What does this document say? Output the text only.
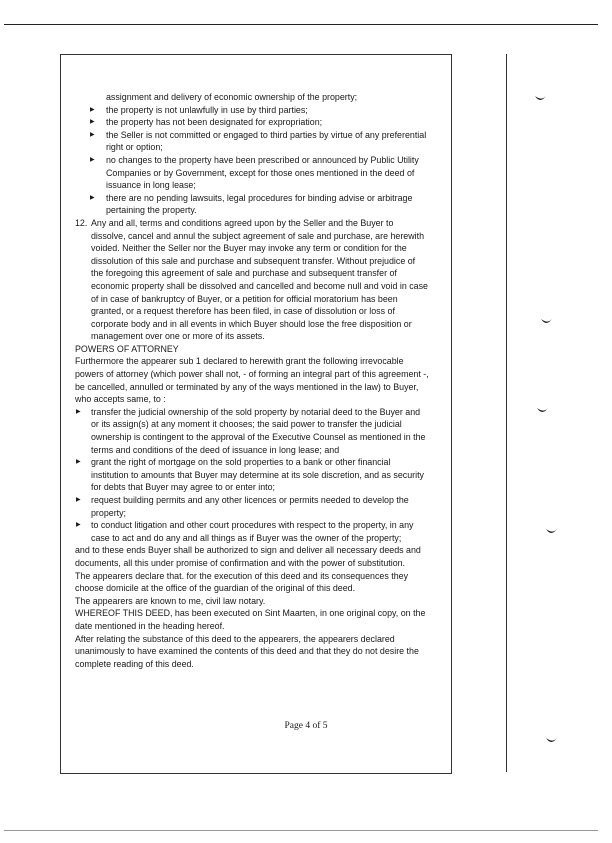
assignment and delivery of economic ownership of the property;
▶ the property is not unlawfully in use by third parties;
▶ the property has not been designated for expropriation;
▶ the Seller is not committed or engaged to third parties by virtue of any preferential
right or option;
▶ no changes to the property have been prescribed or announced by Public Utility
Companies or by Government, except for those ones mentioned in the deed of
issuance in long lease;
▶ there are no pending lawsuits, legal procedures for binding advise or arbitrage
pertaining the property.
12. Any and all, terms and conditions agreed upon by the Seller and the Buyer to
dissolve, cancel and annul the subject agreement of sale and purchase, are herewith
voided. Neither the Seller nor the Buyer may invoke any term or condition for the
dissolution of this sale and purchase and subsequent transfer. Without prejudice of
the foregoing this agreement of sale and purchase and subsequent transfer of
economic property shall be dissolved and cancelled and become null and void in case
of in case of bankruptcy of Buyer, or a petition for official moratorium has been
granted, or a request therefore has been filed, in case of dissolution or loss of
corporate body and in all events in which Buyer should lose the free disposition or
management over one or more of its assets.
POWERS OF ATTORNEY
Furthermore the appearer sub 1 declared to herewith grant the following irrevocable
powers of attorney (which power shall not, - of forming an integral part of this agreement -,
be cancelled, annulled or terminated by any of the ways mentioned in the law) to Buyer,
who accepts same, to :
▶ transfer the judicial ownership of the sold property by notarial deed to the Buyer and
or its assign(s) at any moment it chooses; the said power to transfer the judicial
ownership is contingent to the approval of the Executive Counsel as mentioned in the
terms and conditions of the deed of issuance in long lease; and
▶ grant the right of mortgage on the sold properties to a bank or other financial
institution to amounts that Buyer may determine at its sole discretion, and as security
for debts that Buyer may agree to or enter into;
▶ request building permits and any other licences or permits needed to develop the
property;
▶ to conduct litigation and other court procedures with respect to the property, in any
case to act and do any and all things as if Buyer was the owner of the property;
and to these ends Buyer shall be authorized to sign and deliver all necessary deeds and
documents, all this under promise of confirmation and with the power of substitution.
The appearers declare that. for the execution of this deed and its consequences they
choose domicile at the office of the guardian of the original of this deed.
The appearers are known to me, civil law notary.
WHEREOF THIS DEED, has been executed on Sint Maarten, in one original copy, on the
date mentioned in the heading hereof.
After relating the substance of this deed to the appearers, the appearers declared
unanimously to have examined the contents of this deed and that they do not desire the
complete reading of this deed.
Page 4 of 5
